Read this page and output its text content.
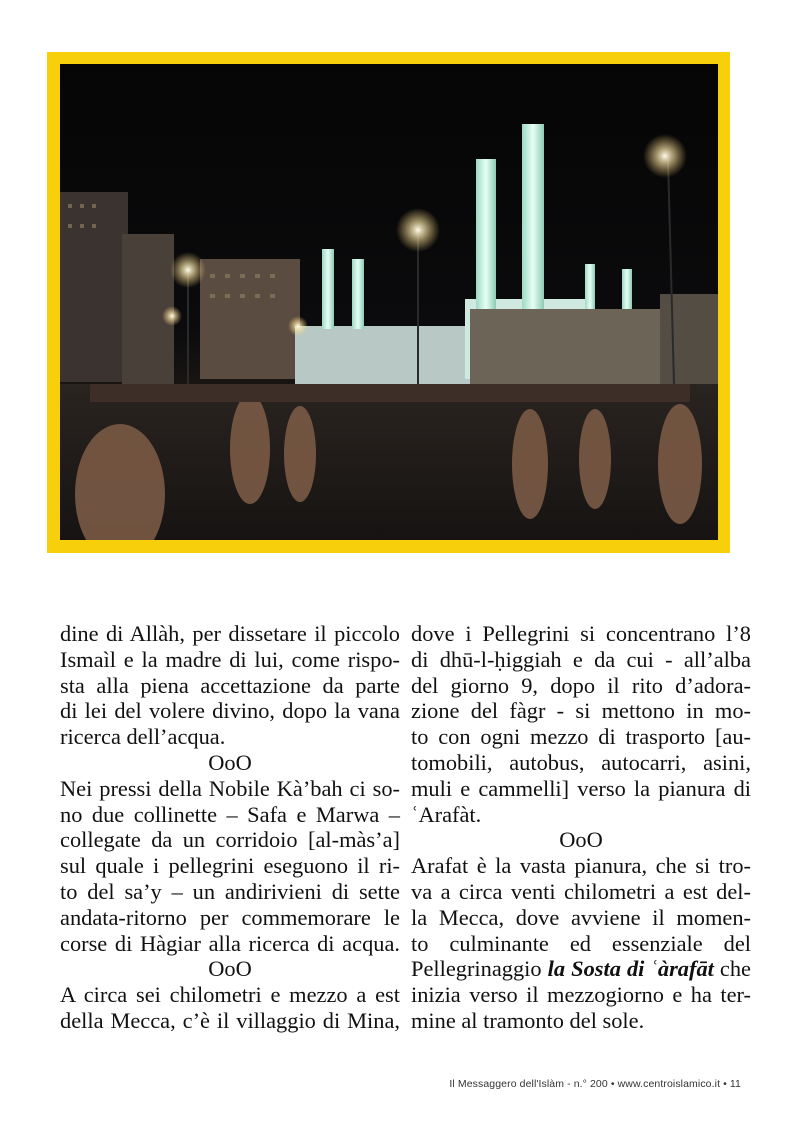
dine di Allàh, per dissetare il piccolo

Ismaìl e la madre di lui, come rispo-

sta alla piena accettazione da parte

di lei del volere divino, dopo la vana

ricerca dell’acqua.

OoO

Nei pressi della Nobile Kà’bah ci so-

no due collinette – Safa e Marwa –

collegate da un corridoio [al-màs’a]

sul quale i pellegrini eseguono il ri-

to del sa’y – un andirivieni di sette

andata-ritorno per commemorare le

corse di Hàgiar alla ricerca di acqua.

OoO

A circa sei chilometri e mezzo a est

della Mecca, c’è il villaggio di Mina,

dove i Pellegrini si concentrano l’8

di dhū-l-ḥiggiah e da cui - all’alba

del giorno 9, dopo il rito d’adora-

zione del fàgr - si mettono in mo-

to con ogni mezzo di trasporto [au-

tomobili, autobus, autocarri, asini,

muli e cammelli] verso la pianura di

ʿArafàt.

OoO

Arafat è la vasta pianura, che si tro-

va a circa venti chilometri a est del-

la Mecca, dove avviene il momen-

to culminante ed essenziale del

Pellegrinaggio la Sosta di ʿàrafāt che

inizia verso il mezzogiorno e ha ter-

mine al tramonto del sole.

Il Messaggero dell'Islàm - n.° 200 • www.centroislamico.it • 11
